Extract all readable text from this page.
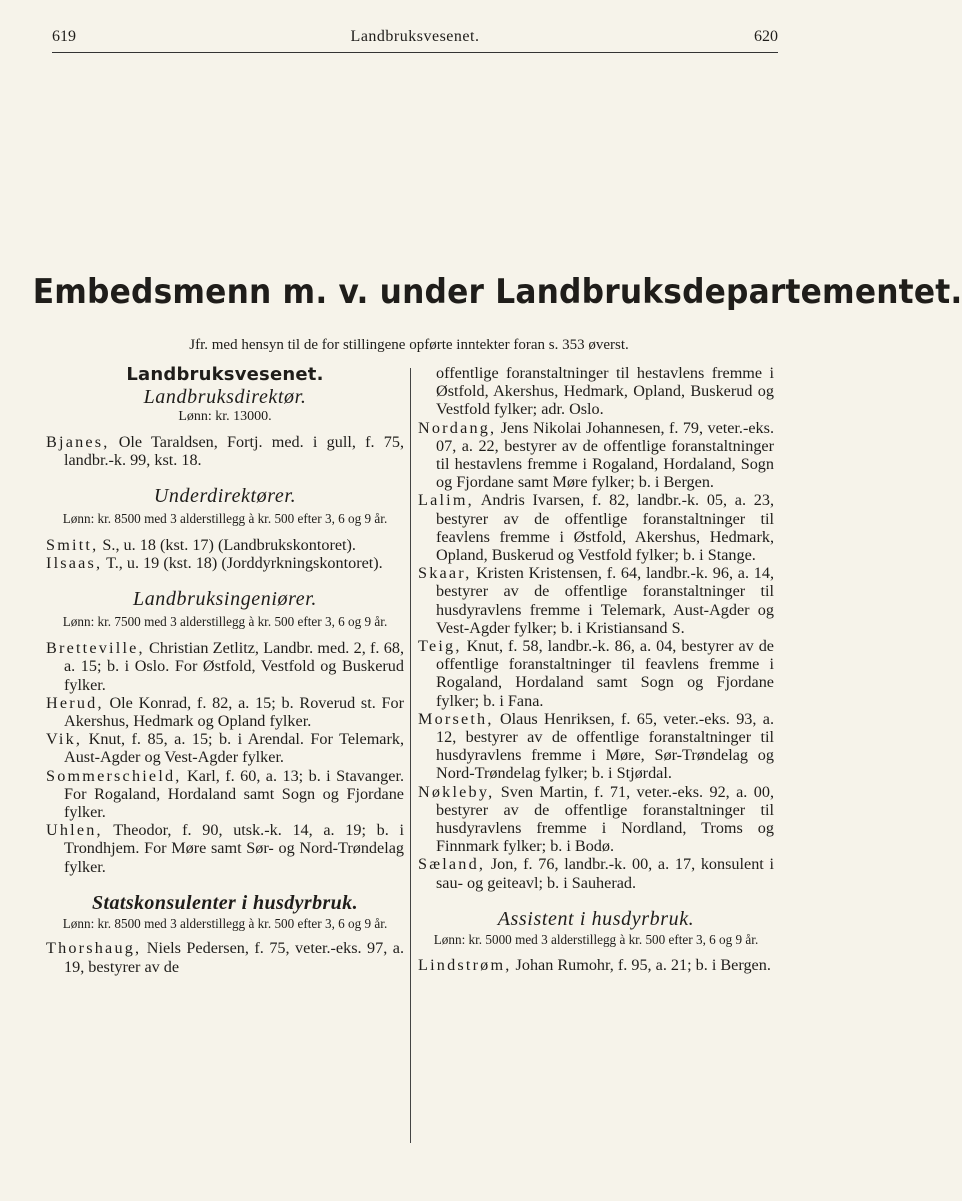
619	Landbruksvesenet.	620
Embedsmenn m. v. under Landbruksdepartementet.
Jfr. med hensyn til de for stillingene opførte inntekter foran s. 353 øverst.
Landbruksvesenet.
Landbruksdirektør.

Lønn: kr. 13000.

Bjanes, Ole Taraldsen, Fortj. med. i gull, f. 75, landbr.-k. 99, kst. 18.

Underdirektører.

Lønn: kr. 8500 med 3 alderstillegg à kr. 500 efter 3, 6 og 9 år.

Smitt, S., u. 18 (kst. 17) (Landbrukskontoret).

Ilsaas, T., u. 19 (kst. 18) (Jorddyrkningskontoret).

Landbruksingeniører.

Lønn: kr. 7500 med 3 alderstillegg à kr. 500 efter 3, 6 og 9 år.

Bretteville, Christian Zetlitz, Landbr. med. 2, f. 68, a. 15; b. i Oslo. For Østfold, Vestfold og Buskerud fylker.

Herud, Ole Konrad, f. 82, a. 15; b. Roverud st. For Akershus, Hedmark og Opland fylker.

Vik, Knut, f. 85, a. 15; b. i Arendal. For Telemark, Aust-Agder og Vest-Agder fylker.

Sommerschield, Karl, f. 60, a. 13; b. i Stavanger. For Rogaland, Hordaland samt Sogn og Fjordane fylker.

Uhlen, Theodor, f. 90, utsk.-k. 14, a. 19; b. i Trondhjem. For Møre samt Sør- og Nord-Trøndelag fylker.

Statskonsulenter i husdyrbruk.

Lønn: kr. 8500 med 3 alderstillegg à kr. 500 efter 3, 6 og 9 år.

Thorshaug, Niels Pedersen, f. 75, veter.-eks. 97, a. 19, bestyrer av de

offentlige foranstaltninger til hestavlens fremme i Østfold, Akershus, Hedmark, Opland, Buskerud og Vestfold fylker; adr. Oslo.

Nordang, Jens Nikolai Johannesen, f. 79, veter.-eks. 07, a. 22, bestyrer av de offentlige foranstaltninger til hestavlens fremme i Rogaland, Hordaland, Sogn og Fjordane samt Møre fylker; b. i Bergen.

Lalim, Andris Ivarsen, f. 82, landbr.-k. 05, a. 23, bestyrer av de offentlige foranstaltninger til feavlens fremme i Østfold, Akershus, Hedmark, Opland, Buskerud og Vestfold fylker; b. i Stange.

Skaar, Kristen Kristensen, f. 64, landbr.-k. 96, a. 14, bestyrer av de offentlige foranstaltninger til husdyravlens fremme i Telemark, Aust-Agder og Vest-Agder fylker; b. i Kristiansand S.

Teig, Knut, f. 58, landbr.-k. 86, a. 04, bestyrer av de offentlige foranstaltninger til feavlens fremme i Rogaland, Hordaland samt Sogn og Fjordane fylker; b. i Fana.

Morseth, Olaus Henriksen, f. 65, veter.-eks. 93, a. 12, bestyrer av de offentlige foranstaltninger til husdyravlens fremme i Møre, Sør-Trøndelag og Nord-Trøndelag fylker; b. i Stjørdal.

Nøkleby, Sven Martin, f. 71, veter.-eks. 92, a. 00, bestyrer av de offentlige foranstaltninger til husdyravlens fremme i Nordland, Troms og Finnmark fylker; b. i Bodø.

Sæland, Jon, f. 76, landbr.-k. 00, a. 17, konsulent i sau- og geiteavl; b. i Sauherad.

Assistent i husdyrbruk.

Lønn: kr. 5000 med 3 alderstillegg à kr. 500 efter 3, 6 og 9 år.

Lindstrøm, Johan Rumohr, f. 95, a. 21; b. i Bergen.
